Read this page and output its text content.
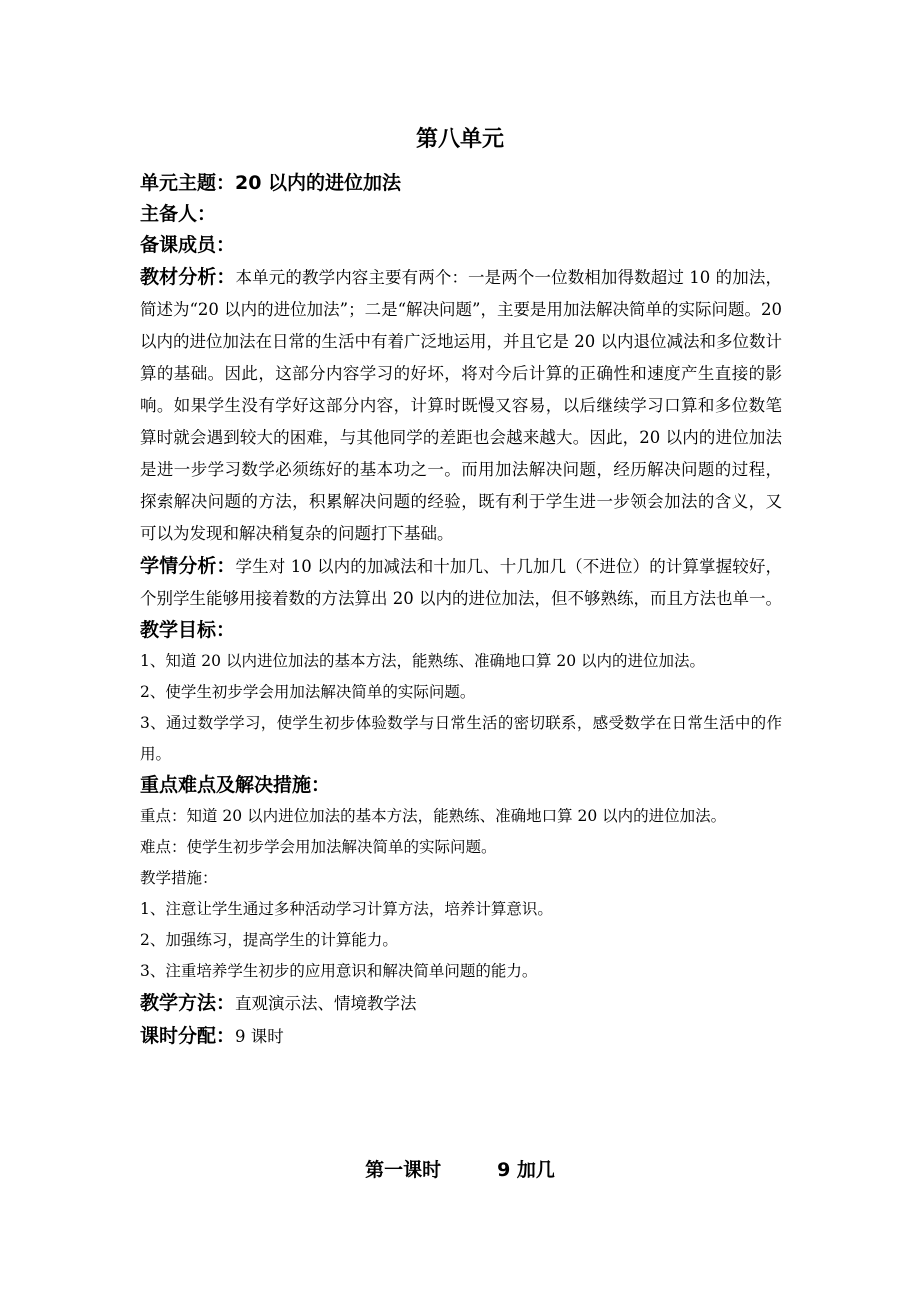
第八单元
单元主题：20 以内的进位加法
主备人：
备课成员：
教材分析：本单元的教学内容主要有两个：一是两个一位数相加得数超过 10 的加法，简述为“20 以内的进位加法”；二是“解决问题”，主要是用加法解决简单的实际问题。20 以内的进位加法在日常的生活中有着广泛地运用，并且它是 20 以内退位减法和多位数计算的基础。因此，这部分内容学习的好坏，将对今后计算的正确性和速度产生直接的影响。如果学生没有学好这部分内容，计算时既慢又容易，以后继续学习口算和多位数笔算时就会遇到较大的困难，与其他同学的差距也会越来越大。因此，20 以内的进位加法是进一步学习数学必须练好的基本功之一。而用加法解决问题，经历解决问题的过程，探索解决问题的方法，积累解决问题的经验，既有利于学生进一步领会加法的含义，又可以为发现和解决稍复杂的问题打下基础。
学情分析：学生对 10 以内的加减法和十加几、十几加几（不进位）的计算掌握较好，个别学生能够用接着数的方法算出 20 以内的进位加法，但不够熟练，而且方法也单一。
教学目标：
1、知道 20 以内进位加法的基本方法，能熟练、准确地口算 20 以内的进位加法。
2、使学生初步学会用加法解决简单的实际问题。
3、通过数学学习，使学生初步体验数学与日常生活的密切联系，感受数学在日常生活中的作用。
重点难点及解决措施：
重点：知道 20 以内进位加法的基本方法，能熟练、准确地口算 20 以内的进位加法。
难点：使学生初步学会用加法解决简单的实际问题。
教学措施：
1、注意让学生通过多种活动学习计算方法，培养计算意识。
2、加强练习，提高学生的计算能力。
3、注重培养学生初步的应用意识和解决简单问题的能力。
教学方法：直观演示法、情境教学法
课时分配：9 课时
第一课时	9 加几
